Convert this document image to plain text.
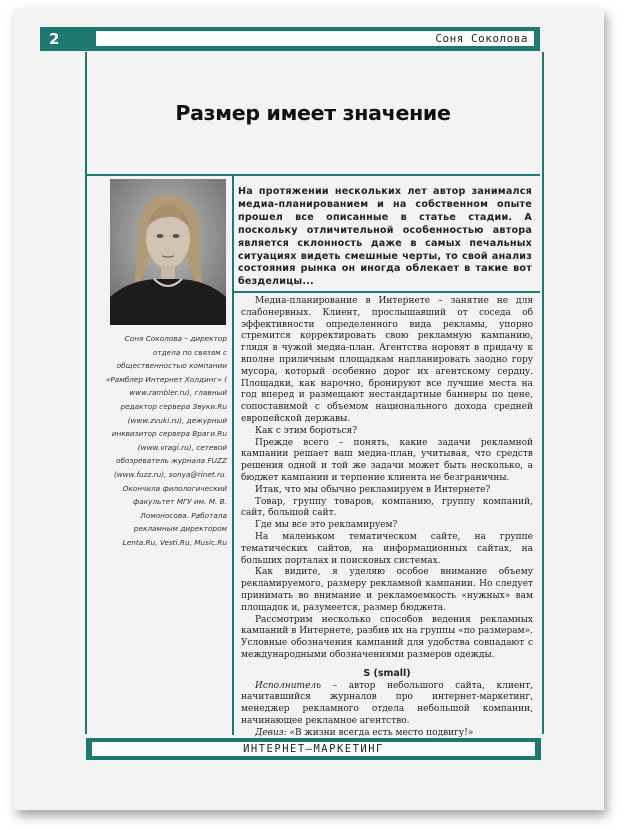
2	Соня Соколова
Размер имеет значение
На протяжении нескольких лет автор занимался медиа-планированием и на собственном опыте прошел все описанные в статье стадии. А поскольку отличительной особенностью автора является склонность даже в самых печальных ситуациях видеть смешные черты, то свой анализ состояния рынка он иногда облекает в такие вот безделицы...
Соня Соколова – директор отдела по связям с общественностью компании «Рамблер Интернет Холдинг» ( www.rambler.ru), главный редактор сервера Звуки.Ru (www.zvuki.ru), дежурный инквизитор сервера Враги.Ru (www.vragi.ru), сетевой обозреватель журнала FUZZ (www.fuzz.ru), sonya@rinet.ru. Окончила филологический факультет МГУ им. М. В. Ломоносова. Работала рекламным директором Lenta.Ru, Vesti.Ru, Music.Ru

Медиа-планирование в Интернете – занятие не для слабонервных. Клиент, прослышавший от соседа об эффективности определенного вида рекламы, упорно стремится корректировать свою рекламную кампанию, глядя в чужой медиа-план. Агентства норовят в придачу к вполне приличным площадкам напланировать заодно гору мусора, который особенно дорог их агентскому сердцу. Площадки, как нарочно, бронируют все лучшие места на год вперед и размещают нестандартные баннеры по цене, сопоставимой с объемом национального дохода средней европейской державы.

Как с этим бороться?

Прежде всего – понять, какие задачи рекламной кампании решает ваш медиа-план, учитывая, что средств решения одной и той же задачи может быть несколько, а бюджет кампании и терпение клиента не безграничны.

Итак, что мы обычно рекламируем в Интернете?

Товар, группу товаров, компанию, группу компаний, сайт, большой сайт.

Где мы все это рекламируем?

На маленьком тематическом сайте, на группе тематических сайтов, на информационных сайтах, на больших порталах и поисковых системах.

Как видите, я уделяю особое внимание объему рекламируемого, размеру рекламной кампании. Но следует принимать во внимание и рекламоемкость «нужных» вам площадок и, разумеется, размер бюджета.

Рассмотрим несколько способов ведения рекламных кампаний в Интернете, разбив их на группы «по размерам». Условные обозначения кампаний для удобства совпадают с международными обозначениями размеров одежды.

S (small)

Исполнитель – автор небольшого сайта, клиент, начитавшийся журналов про интернет-маркетинг, менеджер рекламного отдела небольшой компании, начинающее рекламное агентство.

Девиз: «В жизни всегда есть место подвигу!»

ИНТЕРНЕТ–МАРКЕТИНГ
